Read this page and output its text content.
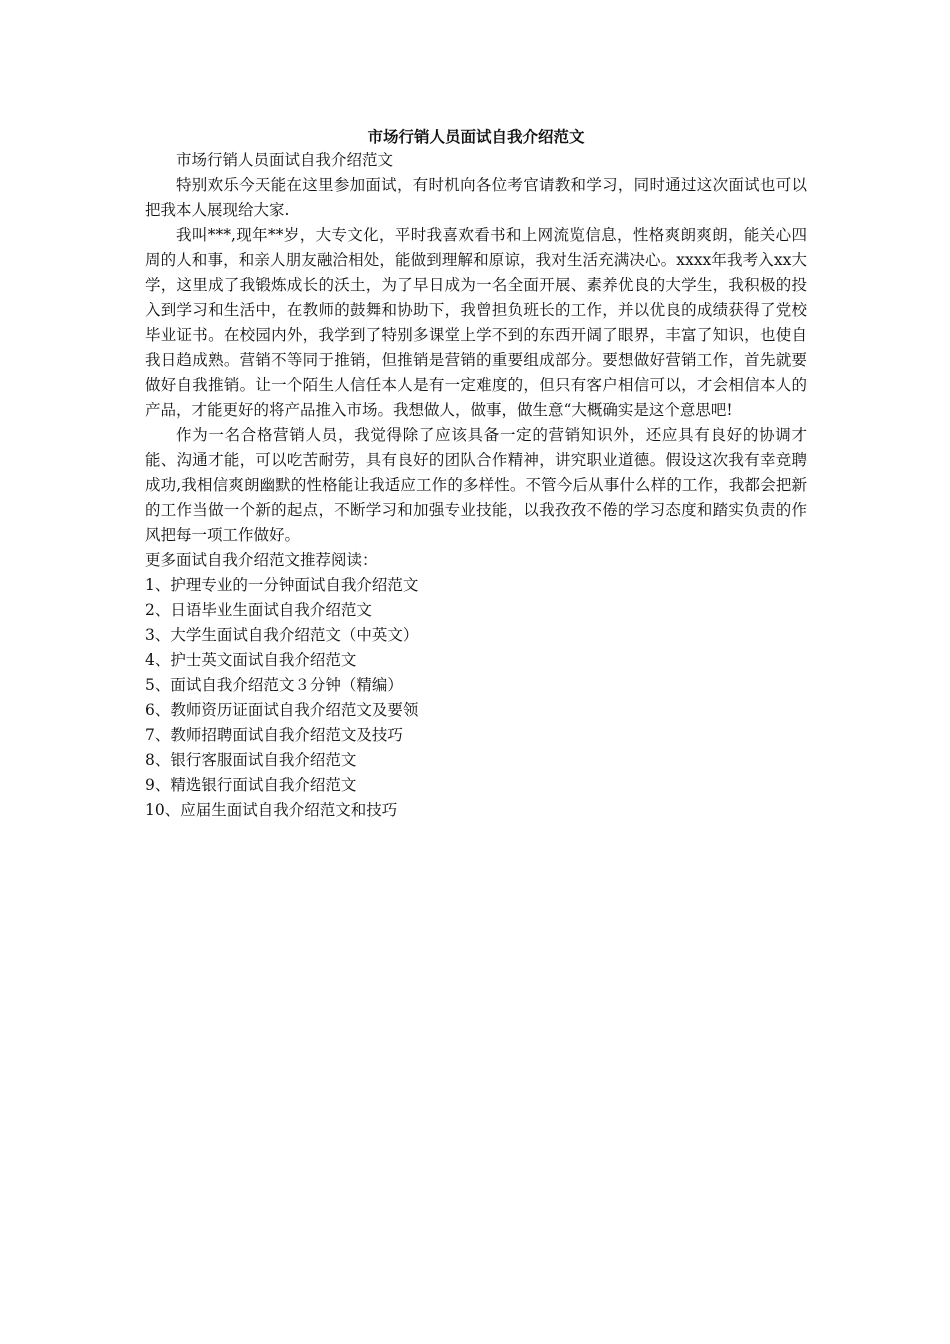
市场行销人员面试自我介绍范文

市场行销人员面试自我介绍范文

特别欢乐今天能在这里参加面试，有时机向各位考官请教和学习，同时通过这次面试也可以把我本人展现给大家.

我叫***,现年**岁，大专文化，平时我喜欢看书和上网流览信息，性格爽朗爽朗，能关心四周的人和事，和亲人朋友融洽相处，能做到理解和原谅，我对生活充满决心。xxxx年我考入xx大学，这里成了我锻炼成长的沃土，为了早日成为一名全面开展、素养优良的大学生，我积极的投入到学习和生活中，在教师的鼓舞和协助下，我曾担负班长的工作，并以优良的成绩获得了党校毕业证书。在校园内外，我学到了特别多课堂上学不到的东西开阔了眼界，丰富了知识，也使自我日趋成熟。营销不等同于推销，但推销是营销的重要组成部分。要想做好营销工作，首先就要做好自我推销。让一个陌生人信任本人是有一定难度的，但只有客户相信可以，才会相信本人的产品，才能更好的将产品推入市场。我想做人，做事，做生意“大概确实是这个意思吧!

作为一名合格营销人员，我觉得除了应该具备一定的营销知识外，还应具有良好的协调才能、沟通才能，可以吃苦耐劳，具有良好的团队合作精神，讲究职业道德。假设这次我有幸竞聘成功,我相信爽朗幽默的性格能让我适应工作的多样性。不管今后从事什么样的工作，我都会把新的工作当做一个新的起点，不断学习和加强专业技能，以我孜孜不倦的学习态度和踏实负责的作风把每一项工作做好。

更多面试自我介绍范文推荐阅读：

1、护理专业的一分钟面试自我介绍范文
2、日语毕业生面试自我介绍范文
3、大学生面试自我介绍范文（中英文）
4、护士英文面试自我介绍范文
5、面试自我介绍范文３分钟（精编）
6、教师资历证面试自我介绍范文及要领
7、教师招聘面试自我介绍范文及技巧
8、银行客服面试自我介绍范文
9、精选银行面试自我介绍范文
10、应届生面试自我介绍范文和技巧
